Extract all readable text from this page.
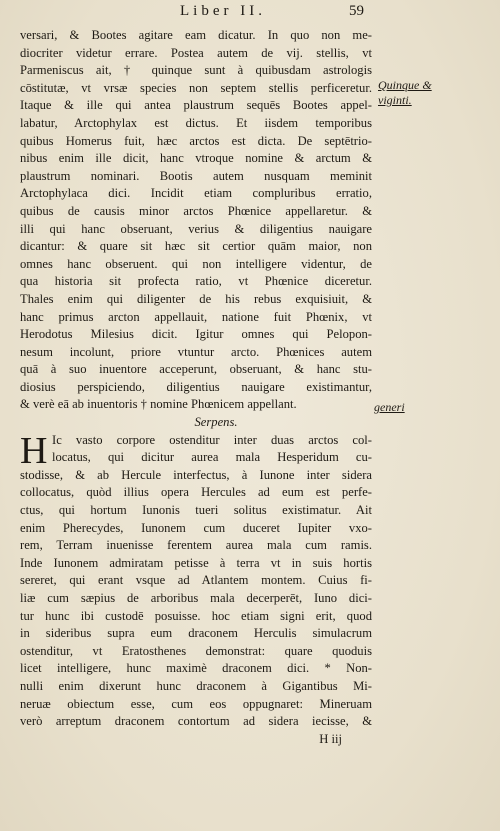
Liber II.	59
Quinque & viginti.
generi
versari, & Bootes agitare eam dicatur. In quo non me-
diocriter videtur errare. Postea autem de vij. stellis, vt
Parmeniscus ait, † quinque sunt à quibusdam astrologis
cōstitutæ, vt vrsæ species non septem stellis perficeretur.
Itaque & ille qui antea plaustrum sequēs Bootes appel-
labatur, Arctophylax est dictus. Et iisdem temporibus
quibus Homerus fuit, hæc arctos est dicta. De septētrio-
nibus enim ille dicit, hanc vtroque nomine & arctum &
plaustrum nominari. Bootis autem nusquam meminit
Arctophylaca dici. Incidit etiam compluribus erratio,
quibus de causis minor arctos Phœnice appellaretur. &
illi qui hanc obseruant, verius & diligentius nauigare
dicantur: & quare sit hæc sit certior quām maior, non
omnes hanc obseruent. qui non intelligere videntur, de
qua historia sit profecta ratio, vt Phœnice diceretur.
Thales enim qui diligenter de his rebus exquisiuit, &
hanc primus arcton appellauit, natione fuit Phœnix, vt
Herodotus Milesius dicit. Igitur omnes qui Pelopon-
nesum incolunt, priore vtuntur arcto. Phœnices autem
quā à suo inuentore acceperunt, obseruant, & hanc stu-
diosius perspiciendo, diligentius nauigare existimantur,
& verè eā ab inuentoris † nomine Phœnicem appellant.
Serpens.
H Ic vasto corpore ostenditur inter duas arctos col-
locatus, qui dicitur aurea mala Hesperidum cu-
stodisse, & ab Hercule interfectus, à Iunone inter sidera
collocatus, quòd illius opera Hercules ad eum est perfe-
ctus, qui hortum Iunonis tueri solitus existimatur. Ait
enim Pherecydes, Iunonem cum duceret Iupiter vxo-
rem, Terram inuenisse ferentem aurea mala cum ramis.
Inde Iunonem admiratam petisse à terra vt in suis hortis
sereret, qui erant vsque ad Atlantem montem. Cuius fi-
liæ cum sæpius de arboribus mala decerperēt, Iuno dici-
tur hunc ibi custodē posuisse. hoc etiam signi erit, quod
in sideribus supra eum draconem Herculis simulacrum
ostenditur, vt Eratosthenes demonstrat: quare quoduis
licet intelligere, hunc maximè draconem dici. * Non-
nulli enim dixerunt hunc draconem à Gigantibus Mi-
neruæ obiectum esse, cum eos oppugnaret: Mineruam
verò arreptum draconem contortum ad sidera iecisse, &
H iij
